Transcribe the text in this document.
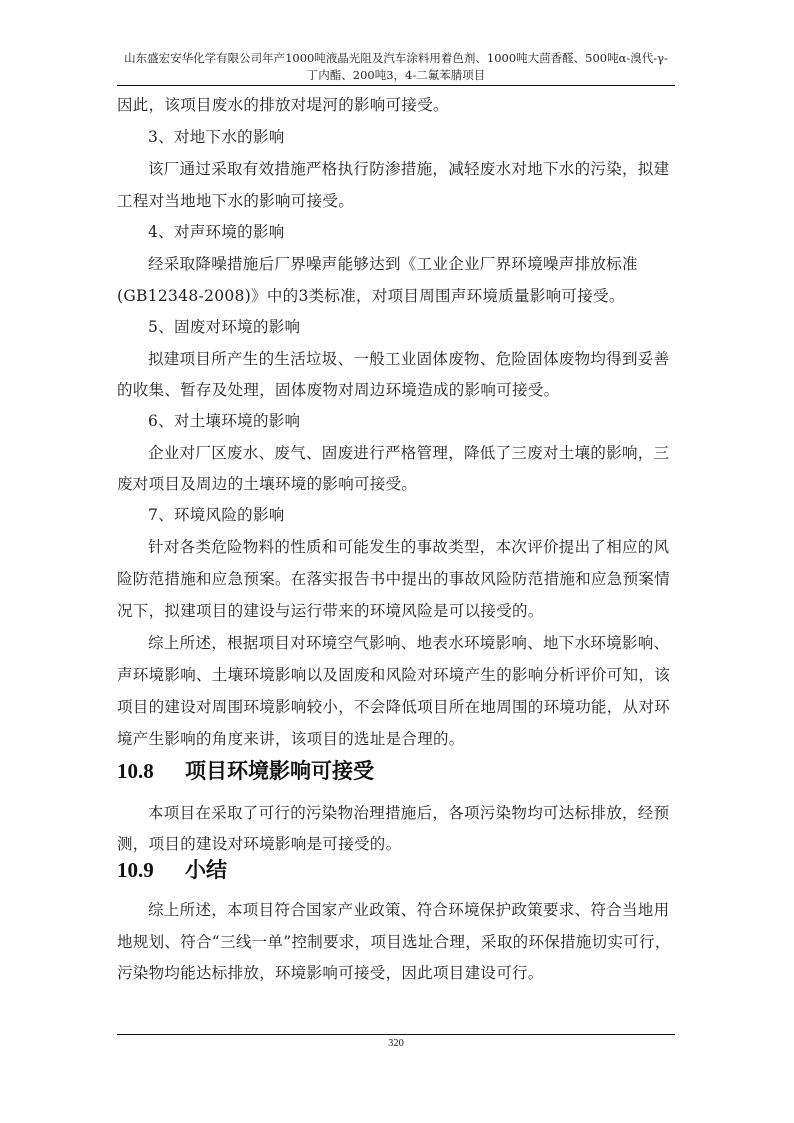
山东盛宏安华化学有限公司年产1000吨液晶光阻及汽车涂料用着色剂、1000吨大茴香醛、500吨α-溴代-γ-
丁内酯、200吨3，4-二氟苯腈项目
因此，该项目废水的排放对堤河的影响可接受。
3、对地下水的影响
该厂通过采取有效措施严格执行防渗措施，减轻废水对地下水的污染，拟建
工程对当地地下水的影响可接受。
4、对声环境的影响
经采取降噪措施后厂界噪声能够达到《工业企业厂界环境噪声排放标准
(GB12348-2008)》中的3类标准，对项目周围声环境质量影响可接受。
5、固废对环境的影响
拟建项目所产生的生活垃圾、一般工业固体废物、危险固体废物均得到妥善
的收集、暂存及处理，固体废物对周边环境造成的影响可接受。
6、对土壤环境的影响
企业对厂区废水、废气、固废进行严格管理，降低了三废对土壤的影响，三
废对项目及周边的土壤环境的影响可接受。
7、环境风险的影响
针对各类危险物料的性质和可能发生的事故类型，本次评价提出了相应的风
险防范措施和应急预案。在落实报告书中提出的事故风险防范措施和应急预案情
况下，拟建项目的建设与运行带来的环境风险是可以接受的。
综上所述，根据项目对环境空气影响、地表水环境影响、地下水环境影响、
声环境影响、土壤环境影响以及固废和风险对环境产生的影响分析评价可知，该
项目的建设对周围环境影响较小，不会降低项目所在地周围的环境功能，从对环
境产生影响的角度来讲，该项目的选址是合理的。
本项目在采取了可行的污染物治理措施后，各项污染物均可达标排放，经预
测，项目的建设对环境影响是可接受的。
综上所述，本项目符合国家产业政策、符合环境保护政策要求、符合当地用
地规划、符合“三线一单”控制要求，项目选址合理，采取的环保措施切实可行，
污染物均能达标排放，环境影响可接受，因此项目建设可行。
10.8 项目环境影响可接受
10.9 小结
320
